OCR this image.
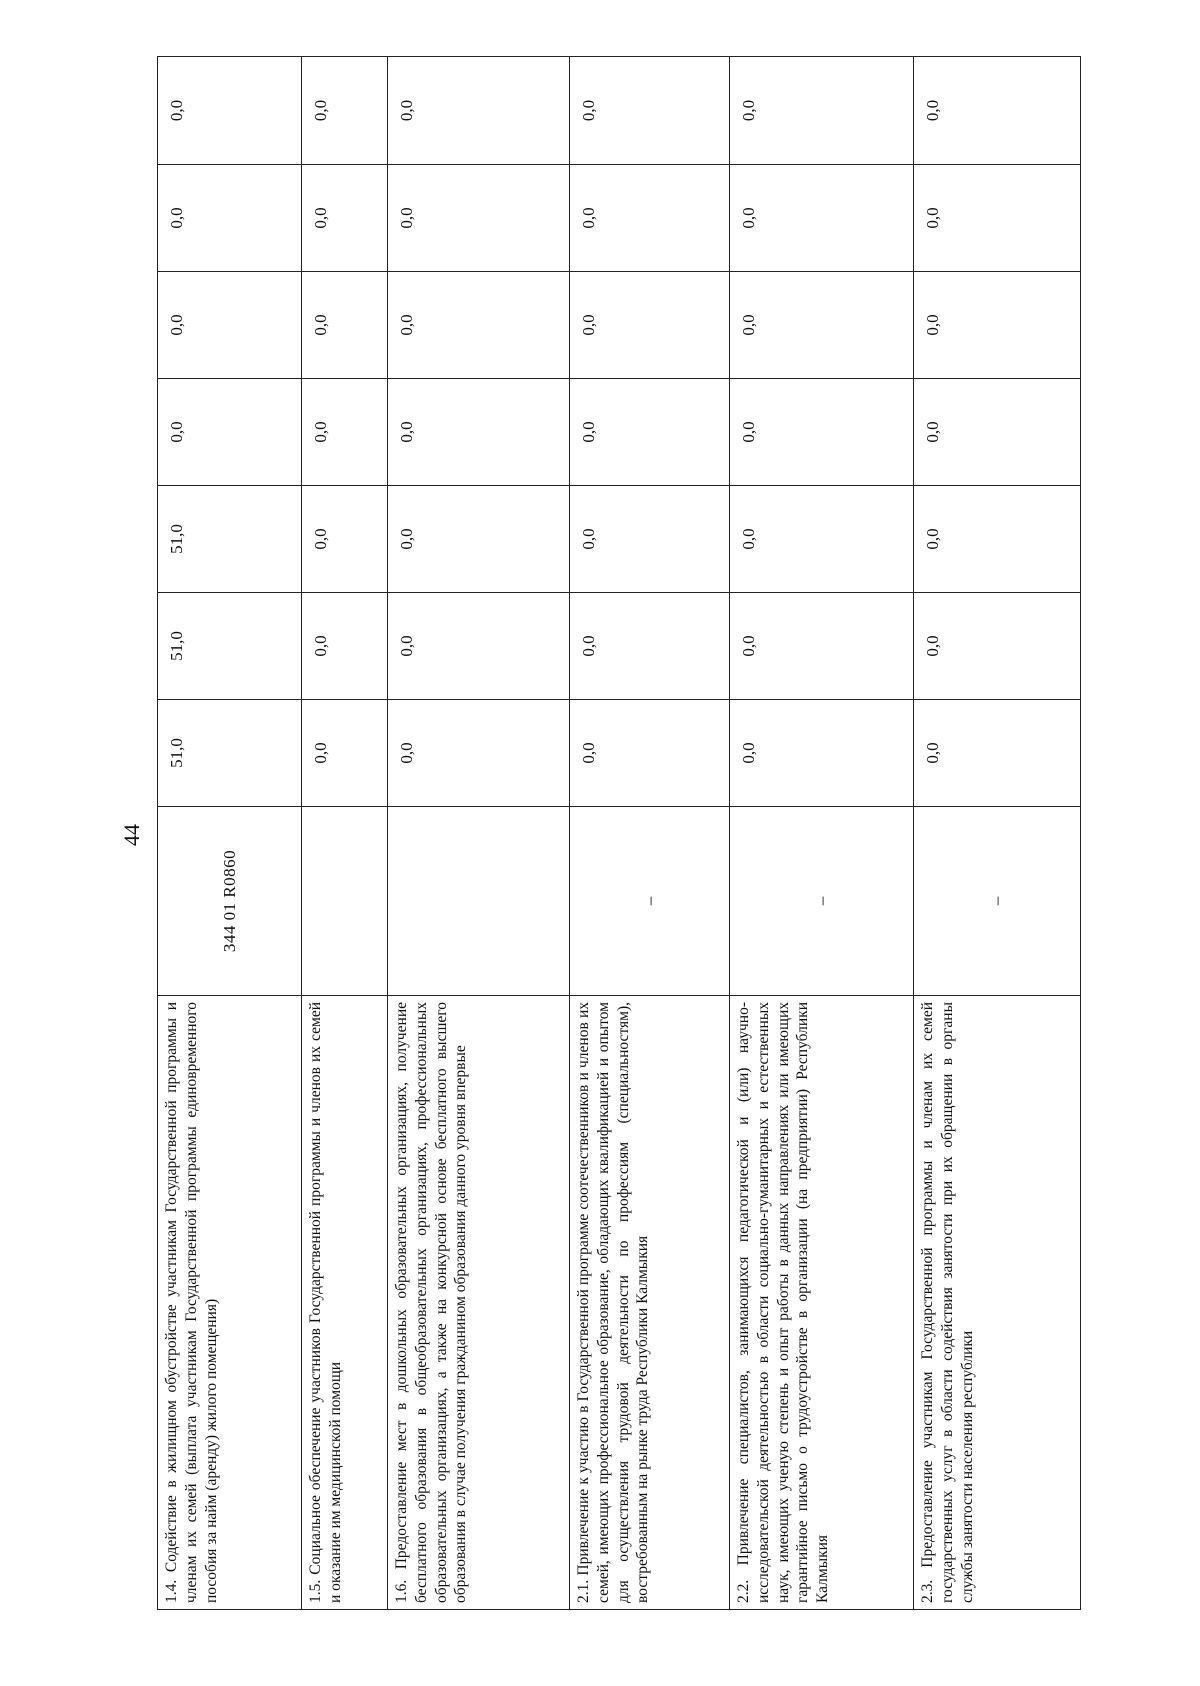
44
1.4. Содействие в жилищном обустройстве участникам Государственной программы и членам их семей (выплата участникам Государственной программы единовременного пособия за найм (аренду) жилого помещения)	344 01 R0860	51,0	51,0	51,0	0,0	0,0	0,0	0,0
1.5. Социальное обеспечение участников Государственной программы и членов их семей и оказание им медицинской помощи		0,0	0,0	0,0	0,0	0,0	0,0	0,0
1.6. Предоставление мест в дошкольных образовательных организациях, получение бесплатного образования в общеобразовательных организациях, профессиональных образовательных организациях, а также на конкурсной основе бесплатного высшего образования в случае получения гражданином образования данного уровня впервые		0,0	0,0	0,0	0,0	0,0	0,0	0,0
2.1. Привлечение к участию в Государственной программе соотечественников и членов их семей, имеющих профессиональное образование, обладающих квалификацией и опытом для осуществления трудовой деятельности по профессиям (специальностям), востребованным на рынке труда Республики Калмыкия	–	0,0	0,0	0,0	0,0	0,0	0,0	0,0
2.2. Привлечение специалистов, занимающихся педагогической и (или) научно-исследовательской деятельностью в области социально-гуманитарных и естественных наук, имеющих ученую степень и опыт работы в данных направлениях или имеющих гарантийное письмо о трудоустройстве в организации (на предприятии) Республики Калмыкия	–	0,0	0,0	0,0	0,0	0,0	0,0	0,0
2.3. Предоставление участникам Государственной программы и членам их семей государственных услуг в области содействия занятости при их обращении в органы службы занятости населения республики	–	0,0	0,0	0,0	0,0	0,0	0,0	0,0
